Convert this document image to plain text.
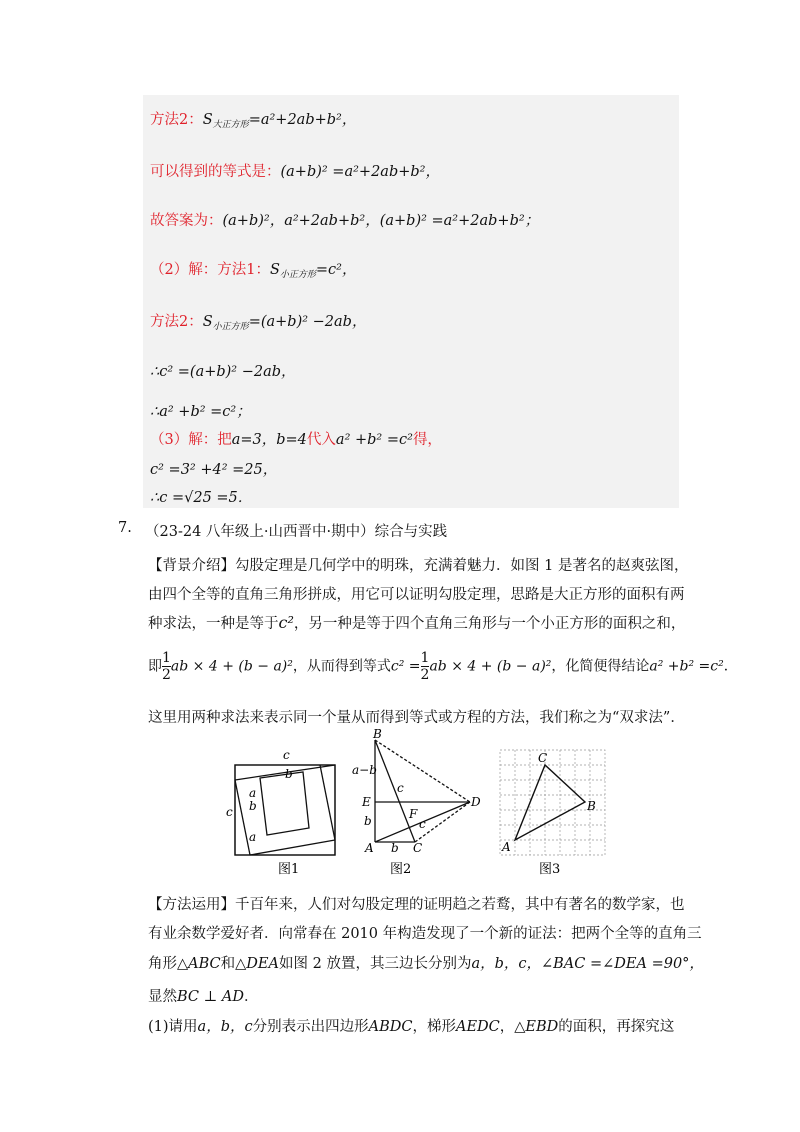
方法2：$S_{大正方形}=a^2+2ab+b^2$，
可以得到的等式是：(a+b)² =a²+2ab+b²，
故答案为：(a+b)²，a²+2ab+b²，(a+b)² =a²+2ab+b²；
（2）解：方法1：$S_{小正方形}=c^2$，
方法2：$S_{小正方形}=(a+b)^2 -2ab$，
∴c² =(a+b)² −2ab，
∴a² +b² =c²；
（3）解：把a=3，b=4代入a² +b² =c²得，
c² =3² +4² =25，
∴c =√25 =5．
7. （23-24 八年级上·山西晋中·期中）综合与实践
【背景介绍】勾股定理是几何学中的明珠，充满着魅力．如图 1 是著名的赵爽弦图，
由四个全等的直角三角形拼成，用它可以证明勾股定理，思路是大正方形的面积有两
种求法，一种是等于c²，另一种是等于四个直角三角形与一个小正方形的面积之和，
即 $\frac{1}{2}$ ab × 4 + (b − a)²，从而得到等式$c^2 = \frac{1}{2}$ ab × 4 + (b − a)²，化简便得结论a² +b² =c²．
这里用两种求法来表示同一个量从而得到等式或方程的方法，我们称之为“双求法”．
c
c
a
b
b
a
图1
B
a−b
E
b
A b C
c
F
c
D
图2
C
B
A
图3
【方法运用】千百年来，人们对勾股定理的证明趋之若鹜，其中有著名的数学家，也
有业余数学爱好者．向常春在 2010 年构造发现了一个新的证法：把两个全等的直角三
角形△ABC和△DEA如图 2 放置，其三边长分别为a，b，c，∠BAC =∠DEA =90°，
显然BC ⊥ AD．
(1)请用a，b，c分别表示出四边形ABDC，梯形AEDC，△EBD的面积，再探究这
